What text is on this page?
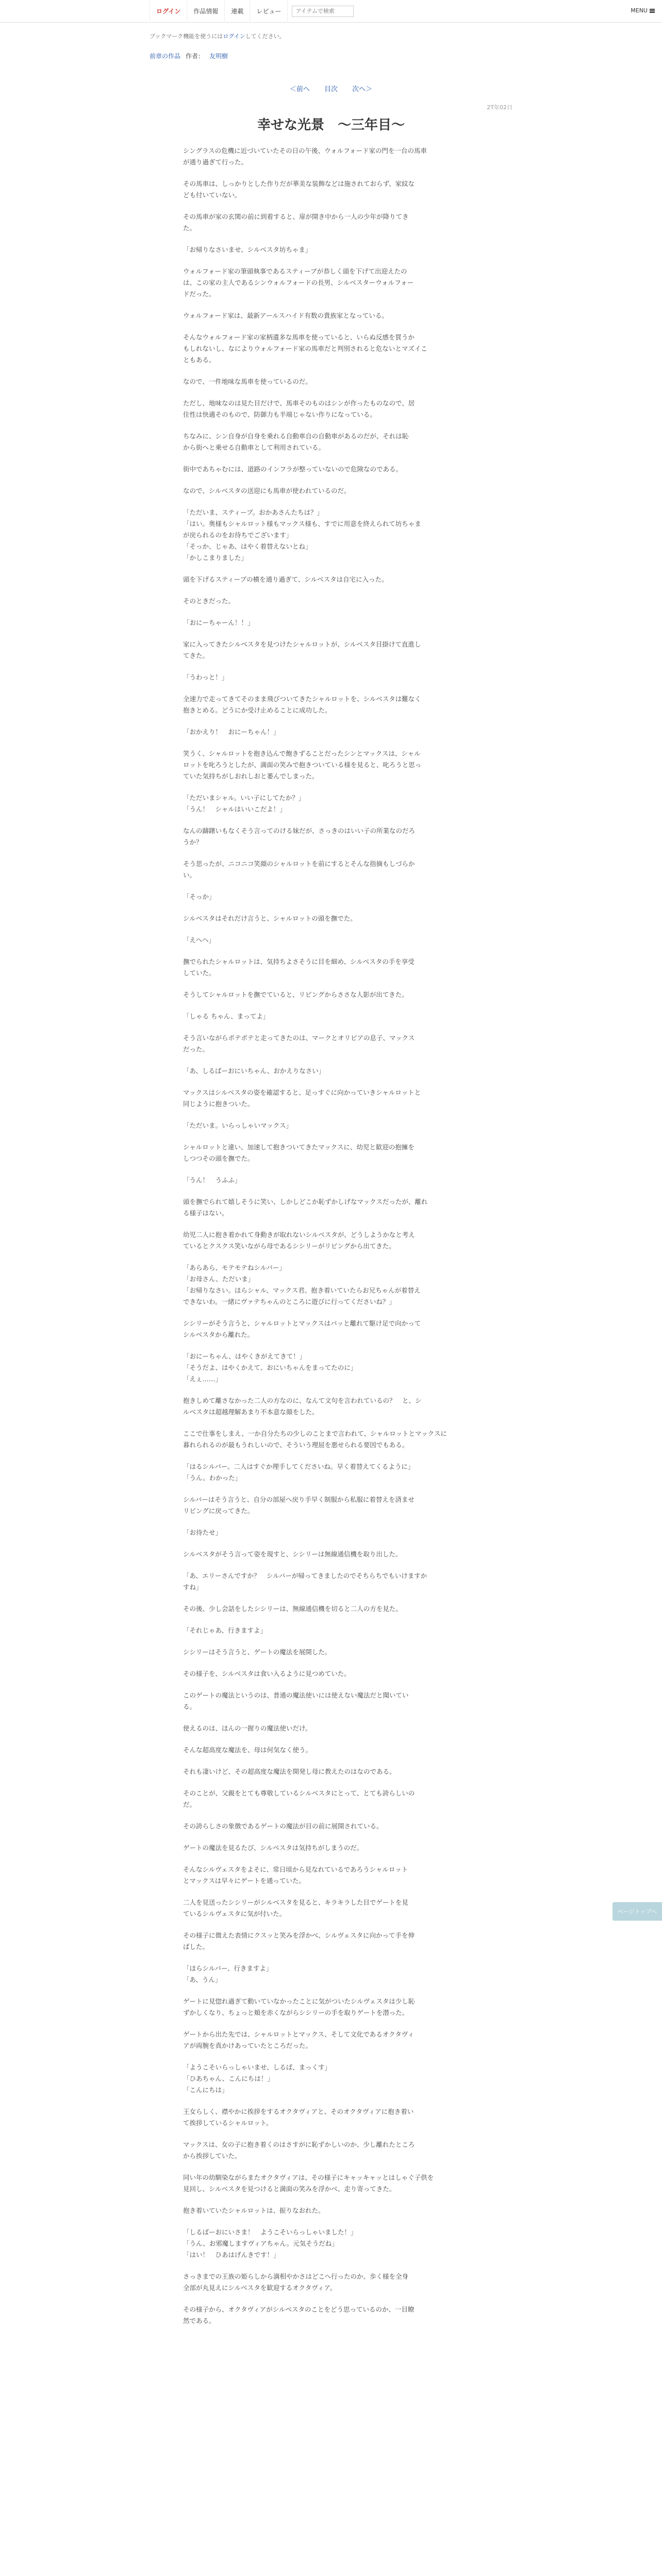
ログイン	作品情報	連載	レビュー
アイテムで検索	MENU
ブックマーク機能を使うにはログインしてください。
前章の作品 作者： 友明樹
＜前へ 目次 次へ＞
2T年02日
幸せな光景　〜三年目〜

シングラスの危機に近づいていたその日の午後、ウォルフォード家の門を一台の馬車
が通り過ぎて行った。

その馬車は、しっかりとした作りだが華美な装飾などは施されておらず、家紋な
ども付いていない。

その馬車が家の玄関の前に到着すると、扉が開き中から一人の少年が降りてき
た。

「お帰りなさいませ、シルベスタ坊ちゃま」

ウォルフォード家の筆頭執事であるスティーブが恭しく頭を下げて出迎えたの
は、この家の主人であるシンウォルフォードの長男、シルベスターウォルフォー
ドだった。

ウォルフォード家は、最新アールスハイド有数の貴族家となっている。

そんなウォルフォード家の家柄遺多な馬車を使っていると、いらぬ反感を買うか
もしれないし、なによりウォルフォード家の馬車だと判別されると危ないとマズイこ
ともある。

なので、一件地味な馬車を使っているのだ。

ただし、地味なのは見た目だけで、馬車そのものはシンが作ったものなので、居
住性は快適そのもので、防御力も半端じゃない作りになっている。

ちなみに、シン自身が自身を乗れる自動車自の自動車があるのだが、それは恥
から街へと乗せる自動車として利用されている。

街中であちゃむには、道路のインフラが整っていないので危険なのである。

なので、シルベスタの送迎にも馬車が使われているのだ。

「ただいま、スティーブ。おかあさんたちは？」
「はい。奥様もシャルロット様もマックス様も、すでに用意を終えられて坊ちゃま
が戻られるのをお待ちでございます」
「そっか、じゃあ、はやく着替えないとね」
「かしこまりました」

頭を下げるスティーブの横を通り過ぎて、シルベスタは自宅に入った。

そのときだった。

「おにーちゃーん！！」

家に入ってきたシルベスタを見つけたシャルロットが、シルベスタ目掛けて直進し
てきた。

「うわっと！」

全速力で走ってきてそのまま飛びついてきたシャルロットを、シルベスタは難なく
抱きとめる。どうにか受け止めることに成功した。

「おかえり！　おにーちゃん！」

笑うく、シャルロットを抱き込んで飽きずることだったシンとマックスは、シャル
ロットを叱ろうとしたが、満面の笑みで抱きついている様を見ると、叱ろうと思っ
ていた気持ちがしおれしおと萎んでしまった。

「ただいまシャル。いい子にしてたか？」
「うん！　シャルはいいこだよ！」

なんの躊躇いもなくそう言ってのける妹だが、さっきのはいい子の所業なのだろ
うか？

そう思ったが、ニコニコ笑顔のシャルロットを前にするとそんな指摘もしづらか
い。

「そっか」

シルベスタはそれだけ言うと、シャルロットの頭を撫でた。

「えへへ」

撫でられたシャルロットは、気持ちよさそうに目を細め、シルベスタの手を享受
していた。

そうしてシャルロットを撫でていると、リビングからささな人影が出てきた。

「しゃる ちゃん、まってよ」

そう言いながらポテポテと走ってきたのは、マークとオリビアの息子、マックス
だった。

「あ、しるばーおにいちゃん、おかえりなさい」

マックスはシルベスタの姿を確認すると、足っすぐに向かっていきシャルロットと
同じように抱きついた。

「ただいま。いらっしゃいマックス」

シャルロットと違い、加速して抱きついてきたマックスに、幼児と歓迎の抱擁を
しつつその頭を撫でた。

「うん！　うふふ」

頭を撫でられて嬉しそうに笑い、しかしどこか恥ずかしげなマックスだったが、離れ
る様子はない。

幼児二人に抱き着かれて身動きが取れないシルベスタが、どうしようかなと考え
ているとクスクス笑いながら母であるシシリーがリビングから出てきた。

「あらあら、モテモテねシルバー」
「お母さん、ただいま」
「お帰りなさい。ほらシャル、マックス君。抱き着いていたらお兄ちゃんが着替え
できないわ。一緒にヴァテちゃんのところに遊びに行ってくださいね？」

シシリーがそう言うと、シャルロットとマックスはパッと離れて駆け足で向かって
シルベスタから離れた。

「おにーちゃん、はやくきがえてきて！」
「そうだよ、はやくかえて、おにいちゃんをまってたのに」
「えぇ……」

抱きしめて離さなかった二人の方なのに、なんて文句を言われているの？　と、シ
ルベスタは超越理解あまり不本意な顔をした。

ここで仕事をしまえ、一か自分たちの少しのことまで言われて、シャルロットとマックスに
暮れられるのが最もうれしいので、そういう理屈を悪せられる要因でもある。

「はるシルバー。二人はすぐか理手してくださいね。早く着替えてくるように」
「うん。わかった」

シルバーはそう言うと、自分の部屋へ戻り手早く制服から私服に着替えを済ませ
リビングに戻ってきた。

「お待たせ」

シルベスタがそう言って姿を現すと、シシリーは無線通信機を取り出した。

「あ、エリーさんですか？　シルバーが帰ってきましたのでそちらちでもいけますか
すね」

その後、少し会話をしたシシリーは、無線通信機を切ると二人の方を見た。

「それじゃあ、行きますよ」

シシリーはそう言うと、ゲートの魔法を展開した。

その様子を、シルベスタは食い入るように見つめていた。

このゲートの魔法というのは、普通の魔法使いには使えない魔法だと聞いてい
る。

使えるのは、ほんの一握りの魔法使いだけ。

そんな超高度な魔法を、母は何気なく使う。

それも凄いけど、その超高度な魔法を開発し母に教えたのはなのである。

そのことが、父親をとても尊敬しているシルベスタにとって、とても誇らしいの
だ。

その誇らしさの象徴であるゲートの魔法が目の前に展開されている。

ゲートの魔法を見るたび、シルベスタは気持ちがしまうのだ。

そんなシルヴェスタをよそに、常日頃から見なれているであろうシャルロット
とマックスは早々にゲートを通っていた。

二人を見送ったシシリーがシルベスタを見ると、キラキラした目でゲートを見
ているシルヴェスタに気が付いた。

その様子に微えた表情にクスッと笑みを浮かべ、シルヴェスタに向かって手を伸
ばした。

「ほらシルバー、行きますよ」
「あ、うん」

ゲートに見惚れ過ぎて動いていなかったことに気がついたシルヴェスタは少し恥
ずかしくなり、ちょっと頬を赤くながらシシリーの手を取りゲートを潜った。

ゲートから出た先では、シャルロットとマックス、そして文化であるオクタヴィ
アが両腕を真かけあっていたところだった。

「ようこそいらっしゃいませ、しるば、まっくす」
「ひあちゃん、こんにちは！」
「こんにちは」

王女らしく、襟やかに挨拶をするオクタヴィアと、そのオクタヴィアに抱き着い
て挨拶しているシャルロット。

マックスは、女の子に抱き着くのはさすがに恥ずかしいのか、少し離れたところ
から挨拶していた。

同い年の幼馴染ながらまたオクタヴィアは、その様子にキャッキャッとはしゃぐ子供を
見回し、シルベスタを見つけると満面の笑みを浮かべ、走り寄ってきた。

抱き着いていたシャルロットは、振りなおれた。

「しるばーおにいさま！　ようこそいらっしゃいました！」
「うん、お邪魔しますヴィアちゃん。元気そうだね」
「はい！　ひあはげんきです！」

さっきまでの王族の姫らしから満相やかさはどこへ行ったのか、歩く様を全身
全部が丸見えにシルベスタを歓迎するオクタヴィア。

その様子から、オクタヴィアがシルベスタのことをどう思っているのか、一目瞭
然である。

ページトップへ
